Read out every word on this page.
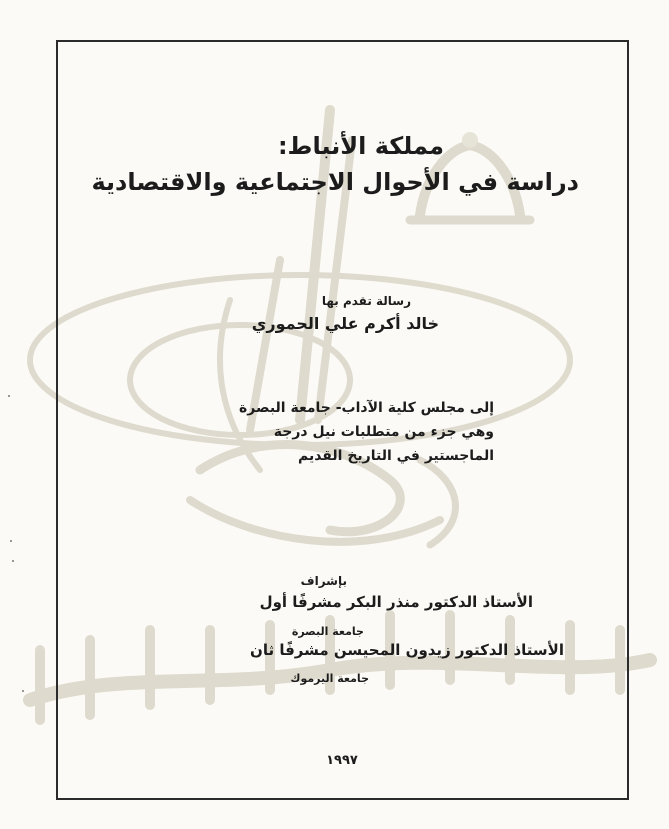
مملكة الأنباط:
دراسة في الأحوال الاجتماعية والاقتصادية
رسالة تقدم بها
خالد أكرم علي الحموري
إلى مجلس كلية الآداب- جامعة البصرة
وهي جزء من متطلبات نيل درجة
الماجستير في التاريخ القديم
بإشراف
الأستاذ الدكتور منذر البكر مشرفًا أول
جامعة البصرة
الأستاذ الدكتور زيدون المحيسن مشرفًا ثان
جامعة اليرموك
١٩٩٧
